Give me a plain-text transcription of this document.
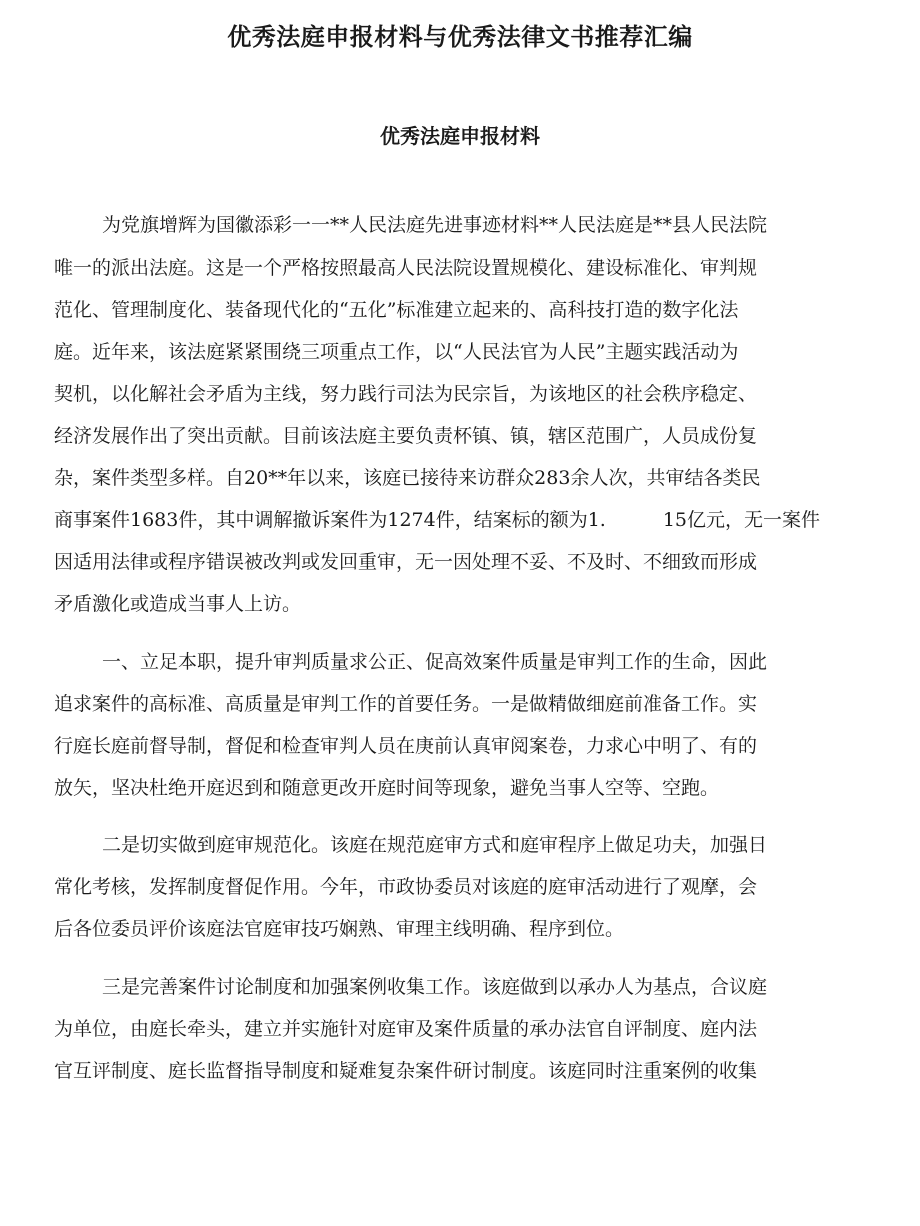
优秀法庭申报材料与优秀法律文书推荐汇编
优秀法庭申报材料
为党旗增辉为国徽添彩一一**人民法庭先进事迹材料**人民法庭是**县人民法院
唯一的派出法庭。这是一个严格按照最高人民法院设置规模化、建设标准化、审判规
范化、管理制度化、装备现代化的“五化”标准建立起来的、高科技打造的数字化法
庭。近年来，该法庭紧紧围绕三项重点工作，以“人民法官为人民”主题实践活动为
契机，以化解社会矛盾为主线，努力践行司法为民宗旨，为该地区的社会秩序稳定、
经济发展作出了突出贡献。目前该法庭主要负责杯镇、镇，辖区范围广，人员成份复
杂，案件类型多样。自20**年以来，该庭已接待来访群众283余人次，共审结各类民
商事案件1683件，其中调解撤诉案件为1274件，结案标的额为1.　　　15亿元，无一案件
因适用法律或程序错误被改判或发回重审，无一因处理不妥、不及时、不细致而形成
矛盾激化或造成当事人上访。
一、立足本职，提升审判质量求公正、促高效案件质量是审判工作的生命，因此
追求案件的高标准、高质量是审判工作的首要任务。一是做精做细庭前准备工作。实
行庭长庭前督导制，督促和检查审判人员在庚前认真审阅案卷，力求心中明了、有的
放矢，坚决杜绝开庭迟到和随意更改开庭时间等现象，避免当事人空等、空跑。
二是切实做到庭审规范化。该庭在规范庭审方式和庭审程序上做足功夫，加强日
常化考核，发挥制度督促作用。今年，市政协委员对该庭的庭审活动进行了观摩，会
后各位委员评价该庭法官庭审技巧娴熟、审理主线明确、程序到位。
三是完善案件讨论制度和加强案例收集工作。该庭做到以承办人为基点，合议庭
为单位，由庭长牵头，建立并实施针对庭审及案件质量的承办法官自评制度、庭内法
官互评制度、庭长监督指导制度和疑难复杂案件研讨制度。该庭同时注重案例的收集
